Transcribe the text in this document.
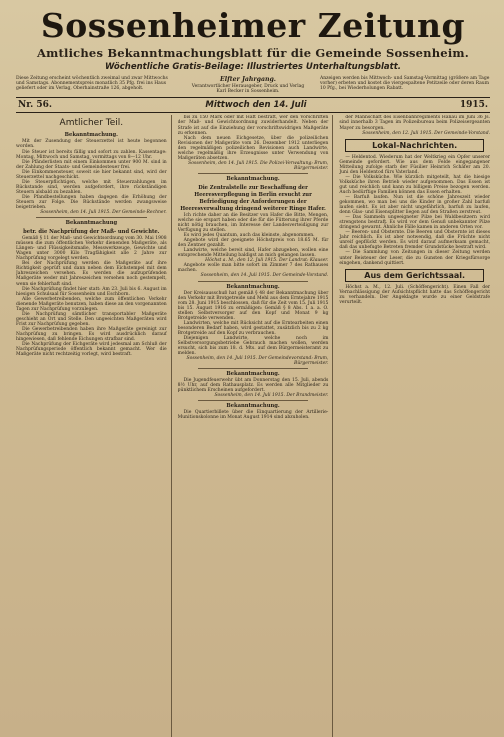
Sossenheimer Zeitung
Amtliches Bekanntmachungsblatt für die Gemeinde Sossenheim.
Wöchentliche Gratis-Beilage: Illustriertes Unterhaltungsblatt.
Diese Zeitung erscheint wöchentlich zweimal und zwar Mittwochs und Samstags. Abonnementspreis monatlich 35 Pfg. frei ins Haus geliefert oder im Verlag, Oberhainstraße 126, abgeholt.
Elfter Jahrgang.
Verantwortlicher Herausgeber, Druck und Verlag Karl Becker in Sossenheim.
Anzeigen werden bis Mittwoch- und Samstag-Vormittag (größere am Tage vorher) erbeten und kostet die viergespaltene Petitzeile oder deren Raum 10 Pfg., bei Wiederholungen Rabatt.
Nr. 56.	Mittwoch den 14. Juli	1915.
Amtlicher Teil.
Bekanntmachung.

Mit der Zusendung der Steuerzettel ist heute begonnen worden.

Die Steuer ist bereits fällig und sofort zu zahlen. Kassentage: Montag, Mittwoch und Samstag, vormittags von 8—12 Uhr.

Die Pfänderlisten mit einem Einkommen unter 900 M. sind in der Zahlung der Staats- und Gemeindesteuer frei.

Die Einkommensteuer, soweit sie hier bekannt sind, wird der Steuerzettel nachgeschickt.

Die Steuerpflichtigen, welche mit Steuerzahlungen im Rückstande sind, werden aufgefordert, ihre rückständigen Steuern alsbald zu bezahlen.

Die Pfandbestellungen haben dagegen die Erhöhung der Steuern zur Folge. Die Rückstände werden zwangsweise beigetrieben.

Sossenheim, den 14. Juli 1915. Der Gemeinde-Rechner.
Bekanntmachung
betr. die Nachprüfung der Maß- und Gewichte.

Gemäß § 11 der Maß- und Gewichtsordnung vom 30. Mai 1908 müssen die zum öffentlichen Verkehr dienenden Maßgeräte, als Längen- und Flüssigkeitsmaße, Messwerkzeuge, Gewichte und Wagen unter 3000 Kilo Tragfähigkeit alle 2 Jahre zur Nachprüfung vorgelegt werden.

Bei der Nachprüfung werden die Maßgeräte auf ihre Richtigkeit geprüft und dann neben dem Eichstempel mit dem Jahreszeichen versehen. Es werden die aufzuprüfenden Maßgeräte weder mit Jahreszeichen versehen noch gestempelt, wenn sie fehlerhaft sind.

Die Nachprüfung findet hier statt: Am 23. Juli bis 6. August im hiesigen Schulsaal für Sossenheim und Eschborn.

Alle Gewerbetreibenden, welche zum öffentlichen Verkehr dienende Maßgeräte benutzen, haben diese an den vorgenannten Tagen zur Nachprüfung vorzulegen.

Die Nachprüfung sämtlicher transportabler Maßgeräte geschieht an Ort und Stelle. Den ungeeichten Maßgeräten wird Frist zur Nachprüfung gegeben.

Die Gewerbetreibenden haben ihre Maßgeräte gereinigt zur Nachprüfung zu bringen. Es wird ausdrücklich darauf hingewiesen, daß fehlende Eichungen strafbar sind.

Die Nachprüfung der Eichgeräte wird jedesmal am Schluß der Nachprüfungsperiode öffentlich bekannt gemacht. Wer die Maßgeräte nicht rechtzeitig vorlegt, wird bestraft.

bis zu 150 Mark oder mit Haft bestraft, wer den Vorschriften der Maß- und Gewichtsordnung zuwiderhandelt. Neben der Strafe ist auf die Einziehung der vorschriftswidrigen Maßgeräte zu erkennen.

Nach dem neuen Eichgesetze, über die polizeilichen Revisionen der Maßgeräte vom 26. Dezember 1912 unterliegen den regelmäßigen polizeilichen Revisionen auch Landwirte, welche regelmäßig ihre Erzeugnisse unter Verwendung von Maßgeräten absetzen.

Sossenheim, den 14. Juli 1915. Die Polizei-Verwaltung: Brum, Bürgermeister.
Bekanntmachung.
Die Zentralstelle zur Beschaffung der Heeresverpflegung in Berlin ersucht zur Befriedigung der Anforderungen der Heeresverwaltung dringend weiterer Ringe Hafer.

Ich richte daher an die Besitzer von Hafer die Bitte, Mengen, welche sie erspart haben oder die für die Fütterung ihrer Pferde nicht nötig brauchen, im Interesse der Landesverteidigung zur Verfügung zu stellen.

Es wird jedes Quantum, auch das kleinste, abgenommen.

Angebote wird der geeignete Höchstpreis von 18.65 M. für den Zentner gezahlt.

Landwirte, welche bereit sind, Hafer abzugeben, wollen eine entsprechende Mitteilung baldigst an mich gelangen lassen.

Höchst a. M., den 12. Juli 1915. Der Landrat: Klauser.

Angebote wolle man bitte sofort im Zimmer 7 des Rathauses machen.

Sossenheim, den 14. Juli 1915. Der Gemeinde-Vorstand.
Bekanntmachung.

Der Kreisausschuß hat gemäß § 48 der Bekanntmachung über den Verkehr mit Brotgetreide und Mehl aus dem Erntejahre 1915 vom 28. Juni 1915 beschlossen, daß für die Zeit vom 15. Juli 1915 bis 15. August 1916 zu ermäßigen: Gemäß § 8 Abs. 1 a. a. O. stellen Selbstversorger auf den Kopf und Monat 9 kg Brotgetreide verwenden.

Landwirten, welche mit Rücksicht auf die Erntearbeiten einen besonderen Bedarf haben, wird gestattet, zusätzlich bis zu 2 kg Brotgetreide auf den Kopf zu verbrauchen.

Diejenigen Landwirte, welche noch im Selbstversorgungsbetriebe Gebrauch machen wollen, werden ersucht, sich bis zum 18. d. Mts. auf dem Bürgermeisteramt zu melden.

Sossenheim, den 14. Juli 1915. Der Gemeindevorstand: Brum, Bürgermeister.
Bekanntmachung.

Die Jugendfeuerwehr übt am Donnerstag den 15. Juli, abends 8½ Uhr, auf dem Rathausplatz. Es werden alle Mitglieder zu pünktlichem Erscheinen aufgefordert.

Sossenheim, den 14. Juli 1915. Der Brandmeister.
Bekanntmachung.

Die Quartierbillete über die Einquartierung der Artillerie-Munitionskolonne im Monat August 1914 sind abzuholen.

der Mannschaft des Eisenbahnregiments Hanau im Juni 36 Js. sind innerhalb 3 Tagen im Polizeibureau beim Polizeisergeanten Mayer zu besorgen.

Sossenheim, den 12. Juli 1915. Der Gemeinde-Vorstand.
Lokal-Nachrichten.

— Heldentod. Wiederum hat der Weltkrieg ein Opfer unserer Gemeinde gefordert. Wie aus dem Felde eingegangener Mitteilung zufolge starb der Füsilier Heinrich Schäfer am 20. Juni den Heldentod fürs Vaterland.

— Die Volksküche. Wie kürzlich mitgeteilt, hat die hiesige Volksküche ihren Betrieb wieder aufgenommen. Das Essen ist gut und reichlich und kann zu billigem Preise bezogen werden. Auch bedürftige Familien können das Essen erhalten.

— Barfuß laufen. Nun ist die schöne Jahreszeit wieder gekommen, wo man bei uns die Kinder in großer Zahl barfuß laufen sieht. Es ist aber nicht ungefährlich, barfuß zu laufen, denn Glas- und Eisensplitter liegen auf den Straßen zerstreut.

— Das Sammeln ungeeigneter Pilze bei Waldbesitzern wird strengstens bestraft. Es wird vor dem Genuß unbekannter Pilze dringend gewarnt. Ähnliche Fälle kamen in anderen Orten vor.

— Beeren- und Obsternte. Die Beeren und Obsternte ist dieses Jahr reichlich. Es ist aber notwendig, daß die Früchte nicht unreif gepflückt werden. Es wird darauf aufmerksam gemacht, daß das unbefugte Betreten fremder Grundstücke bestraft wird.

— Die Sammlung von Zeitungen in dieser Zeitung werden unter Beisteuer der Leser, die zu Gunsten der Kriegsfürsorge eingehen, dankend quittiert.

Aus dem Gerichtssaal.

Höchst a. M., 12. Juli. (Schöffengericht). Einen Fall der Vernachlässigung der Aufsichtspflicht hatte das Schöffengericht zu verhandeln. Der Angeklagte wurde zu einer Geldstrafe verurteilt.
